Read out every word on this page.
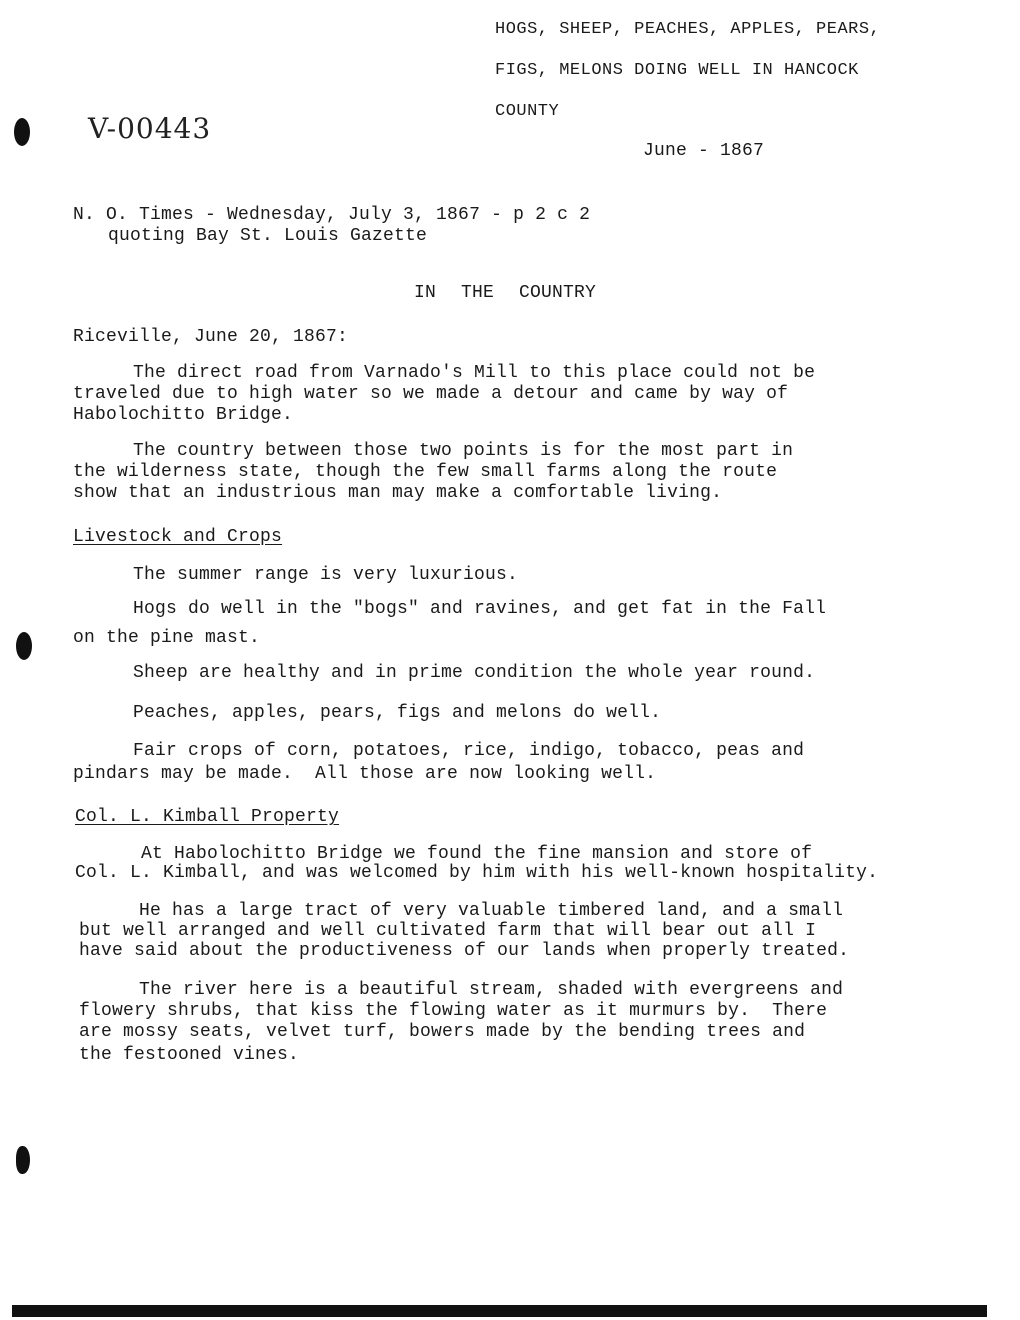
HOGS, SHEEP, PEACHES, APPLES, PEARS,
FIGS, MELONS DOING WELL IN HANCOCK
COUNTY
June - 1867
V-00443
N. O. Times - Wednesday, July 3, 1867 - p 2 c 2
quoting Bay St. Louis Gazette
IN THE COUNTRY
Riceville, June 20, 1867:
The direct road from Varnado's Mill to this place could not be
traveled due to high water so we made a detour and came by way of
Habolochitto Bridge.
The country between those two points is for the most part in
the wilderness state, though the few small farms along the route
show that an industrious man may make a comfortable living.
Livestock and Crops
The summer range is very luxurious.
Hogs do well in the "bogs" and ravines, and get fat in the Fall
on the pine mast.
Sheep are healthy and in prime condition the whole year round.
Peaches, apples, pears, figs and melons do well.
Fair crops of corn, potatoes, rice, indigo, tobacco, peas and
pindars may be made.  All those are now looking well.
Col. L. Kimball Property
At Habolochitto Bridge we found the fine mansion and store of
Col. L. Kimball, and was welcomed by him with his well-known hospitality.
He has a large tract of very valuable timbered land, and a small
but well arranged and well cultivated farm that will bear out all I
have said about the productiveness of our lands when properly treated.
The river here is a beautiful stream, shaded with evergreens and
flowery shrubs, that kiss the flowing water as it murmurs by.  There
are mossy seats, velvet turf, bowers made by the bending trees and
the festooned vines.
